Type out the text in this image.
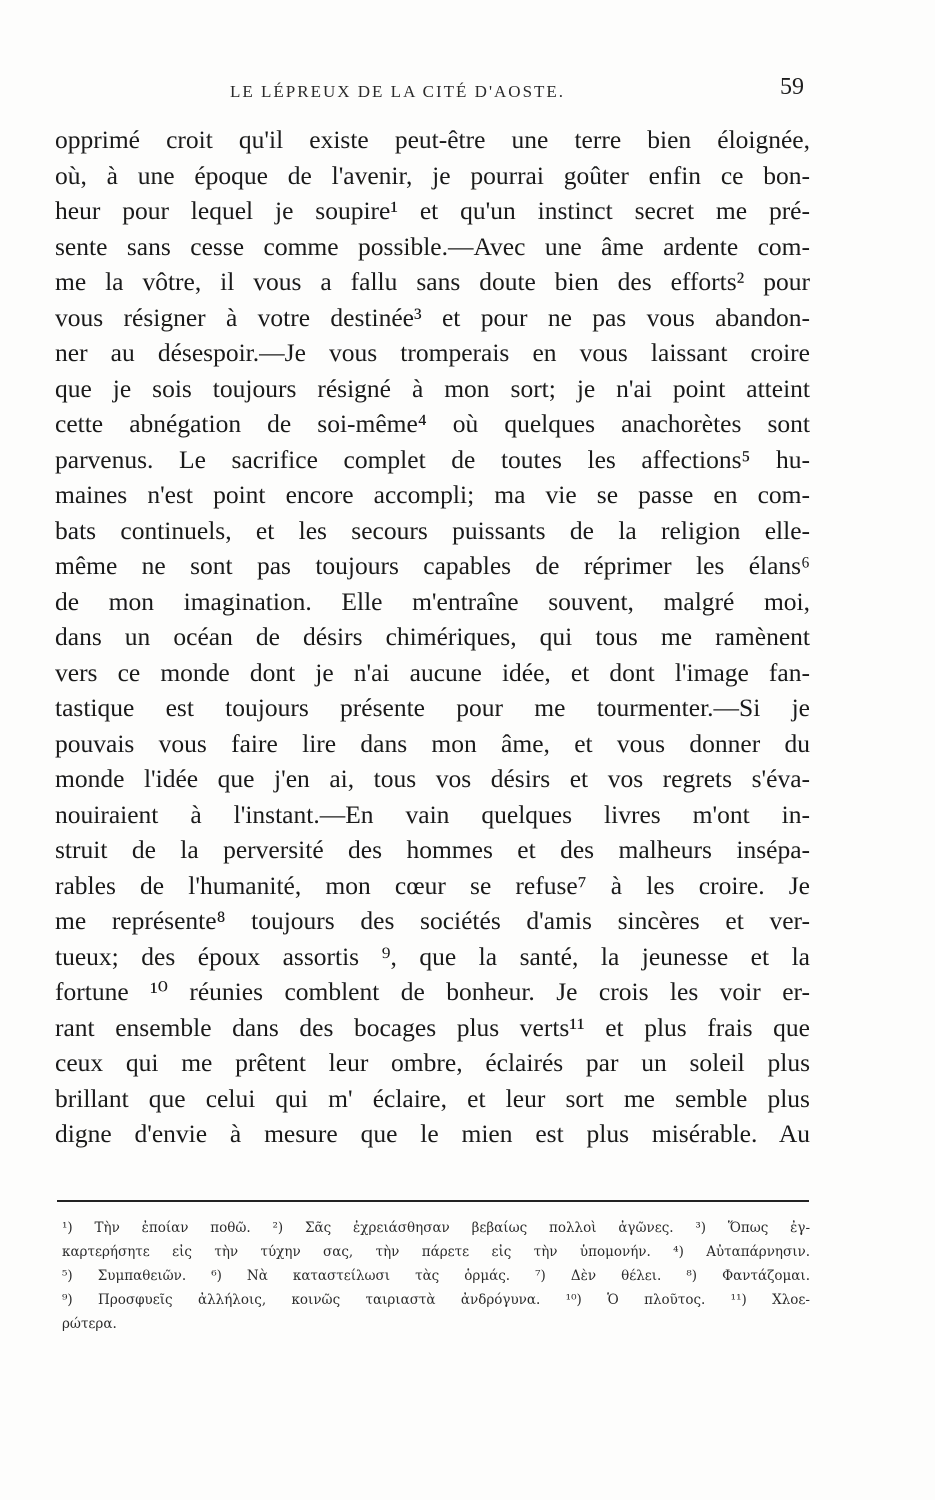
LE LÉPREUX DE LA CITÉ D'AOSTE.	59
opprimé croit qu'il existe peut-être une terre bien éloignée,
où, à une époque de l'avenir, je pourrai goûter enfin ce bon-
heur pour lequel je soupire¹ et qu'un instinct secret me pré-
sente sans cesse comme possible.—Avec une âme ardente com-
me la vôtre, il vous a fallu sans doute bien des efforts² pour
vous résigner à votre destinée³ et pour ne pas vous abandon-
ner au désespoir.—Je vous tromperais en vous laissant croire
que je sois toujours résigné à mon sort; je n'ai point atteint
cette abnégation de soi-même⁴ où quelques anachorètes sont
parvenus. Le sacrifice complet de toutes les affections⁵ hu-
maines n'est point encore accompli; ma vie se passe en com-
bats continuels, et les secours puissants de la religion elle-
même ne sont pas toujours capables de réprimer les élans⁶
de mon imagination. Elle m'entraîne souvent, malgré moi,
dans un océan de désirs chimériques, qui tous me ramènent
vers ce monde dont je n'ai aucune idée, et dont l'image fan-
tastique est toujours présente pour me tourmenter.—Si je
pouvais vous faire lire dans mon âme, et vous donner du
monde l'idée que j'en ai, tous vos désirs et vos regrets s'éva-
nouiraient à l'instant.—En vain quelques livres m'ont in-
struit de la perversité des hommes et des malheurs insépa-
rables de l'humanité, mon cœur se refuse⁷ à les croire. Je
me représente⁸ toujours des sociétés d'amis sincères et ver-
tueux; des époux assortis ⁹, que la santé, la jeunesse et la
fortune ¹⁰ réunies comblent de bonheur. Je crois les voir er-
rant ensemble dans des bocages plus verts¹¹ et plus frais que
ceux qui me prêtent leur ombre, éclairés par un soleil plus
brillant que celui qui m' éclaire, et leur sort me semble plus
digne d'envie à mesure que le mien est plus misérable. Au
¹) Τὴν ἐποίαν ποθῶ. ²) Σᾶς ἐχρειάσθησαν βεβαίως πολλοὶ ἀγῶνες. ³) Ὅπως ἐγ-
καρτερήσητε εἰς τὴν τύχην σας, τὴν πάρετε εἰς τὴν ὑπομονήν. ⁴) Αὐταπάρνησιν.
⁵) Συμπαθειῶν. ⁶) Νὰ καταστείλωσι τὰς ὁρμάς. ⁷) Δὲν θέλει. ⁸) Φαντάζομαι.
⁹) Προσφυεῖς ἀλλήλοις, κοινῶς ταιριαστὰ ἀνδρόγυνα. ¹⁰) Ὁ πλοῦτος. ¹¹) Χλοε-
ρώτερα.
